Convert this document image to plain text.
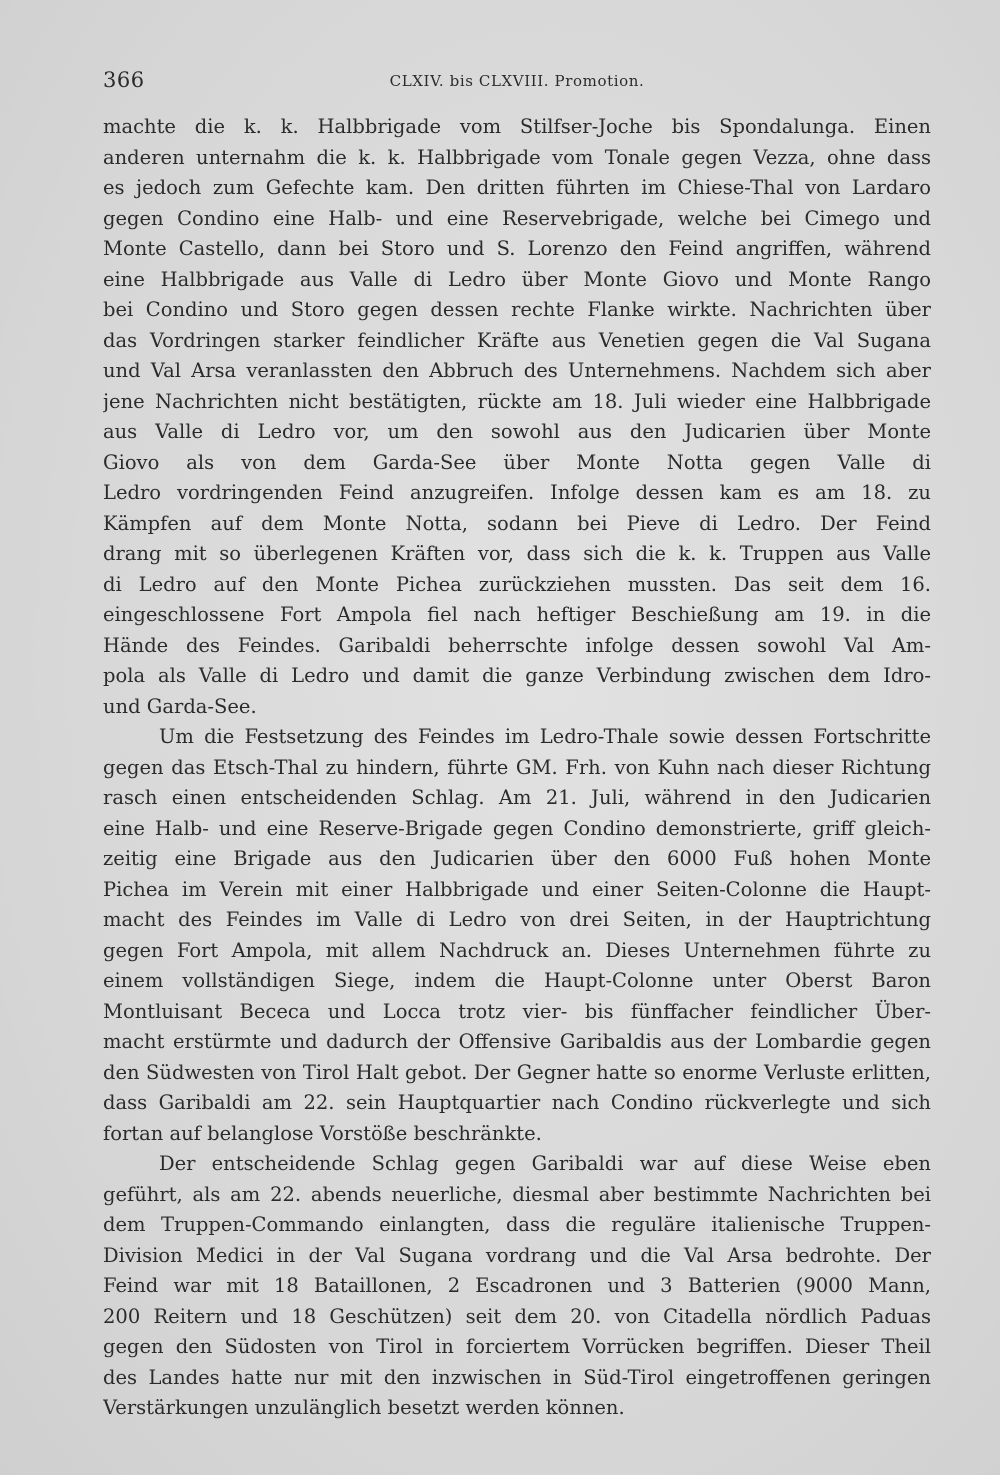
366	CLXIV. bis CLXVIII. Promotion.
machte die k. k. Halbbrigade vom Stilfser-Joche bis Spondalunga. Einen
anderen unternahm die k. k. Halbbrigade vom Tonale gegen Vezza, ohne dass
es jedoch zum Gefechte kam. Den dritten führten im Chiese-Thal von Lardaro
gegen Condino eine Halb- und eine Reservebrigade, welche bei Cimego und
Monte Castello, dann bei Storo und S. Lorenzo den Feind angriffen, während
eine Halbbrigade aus Valle di Ledro über Monte Giovo und Monte Rango
bei Condino und Storo gegen dessen rechte Flanke wirkte. Nachrichten über
das Vordringen starker feindlicher Kräfte aus Venetien gegen die Val Sugana
und Val Arsa veranlassten den Abbruch des Unternehmens. Nachdem sich aber
jene Nachrichten nicht bestätigten, rückte am 18. Juli wieder eine Halbbrigade
aus Valle di Ledro vor, um den sowohl aus den Judicarien über Monte
Giovo als von dem Garda-See über Monte Notta gegen Valle di
Ledro vordringenden Feind anzugreifen. Infolge dessen kam es am 18. zu
Kämpfen auf dem Monte Notta, sodann bei Pieve di Ledro. Der Feind
drang mit so überlegenen Kräften vor, dass sich die k. k. Truppen aus Valle
di Ledro auf den Monte Pichea zurückziehen mussten. Das seit dem 16.
eingeschlossene Fort Ampola fiel nach heftiger Beschießung am 19. in die
Hände des Feindes. Garibaldi beherrschte infolge dessen sowohl Val Am-
pola als Valle di Ledro und damit die ganze Verbindung zwischen dem Idro-
und Garda-See.
Um die Festsetzung des Feindes im Ledro-Thale sowie dessen Fortschritte
gegen das Etsch-Thal zu hindern, führte GM. Frh. von Kuhn nach dieser Richtung
rasch einen entscheidenden Schlag. Am 21. Juli, während in den Judicarien
eine Halb- und eine Reserve-Brigade gegen Condino demonstrierte, griff gleich-
zeitig eine Brigade aus den Judicarien über den 6000 Fuß hohen Monte
Pichea im Verein mit einer Halbbrigade und einer Seiten-Colonne die Haupt-
macht des Feindes im Valle di Ledro von drei Seiten, in der Hauptrichtung
gegen Fort Ampola, mit allem Nachdruck an. Dieses Unternehmen führte zu
einem vollständigen Siege, indem die Haupt-Colonne unter Oberst Baron
Montluisant Bececa und Locca trotz vier- bis fünffacher feindlicher Über-
macht erstürmte und dadurch der Offensive Garibaldis aus der Lombardie gegen
den Südwesten von Tirol Halt gebot. Der Gegner hatte so enorme Verluste erlitten,
dass Garibaldi am 22. sein Hauptquartier nach Condino rückverlegte und sich
fortan auf belanglose Vorstöße beschränkte.
Der entscheidende Schlag gegen Garibaldi war auf diese Weise eben
geführt, als am 22. abends neuerliche, diesmal aber bestimmte Nachrichten bei
dem Truppen-Commando einlangten, dass die reguläre italienische Truppen-
Division Medici in der Val Sugana vordrang und die Val Arsa bedrohte. Der
Feind war mit 18 Bataillonen, 2 Escadronen und 3 Batterien (9000 Mann,
200 Reitern und 18 Geschützen) seit dem 20. von Citadella nördlich Paduas
gegen den Südosten von Tirol in forciertem Vorrücken begriffen. Dieser Theil
des Landes hatte nur mit den inzwischen in Süd-Tirol eingetroffenen geringen
Verstärkungen unzulänglich besetzt werden können.
